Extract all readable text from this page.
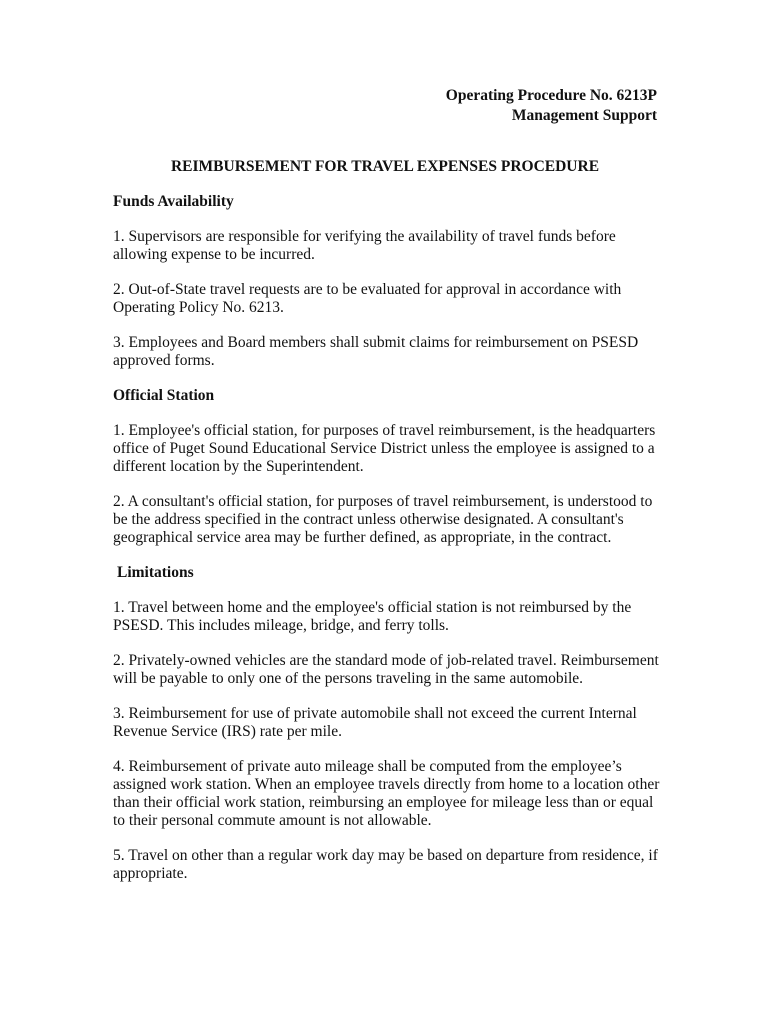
Operating Procedure No. 6213P
Management Support
REIMBURSEMENT FOR TRAVEL EXPENSES PROCEDURE
Funds Availability

1. Supervisors are responsible for verifying the availability of travel funds before allowing expense to be incurred.

2. Out-of-State travel requests are to be evaluated for approval in accordance with Operating Policy No. 6213.

3. Employees and Board members shall submit claims for reimbursement on PSESD approved forms.

Official Station

1. Employee's official station, for purposes of travel reimbursement, is the headquarters office of Puget Sound Educational Service District unless the employee is assigned to a different location by the Superintendent.

2. A consultant's official station, for purposes of travel reimbursement, is understood to be the address specified in the contract unless otherwise designated. A consultant's geographical service area may be further defined, as appropriate, in the contract.

Limitations

1. Travel between home and the employee's official station is not reimbursed by the PSESD. This includes mileage, bridge, and ferry tolls.

2. Privately-owned vehicles are the standard mode of job-related travel. Reimbursement will be payable to only one of the persons traveling in the same automobile.

3. Reimbursement for use of private automobile shall not exceed the current Internal Revenue Service (IRS) rate per mile.

4. Reimbursement of private auto mileage shall be computed from the employee’s assigned work station. When an employee travels directly from home to a location other than their official work station, reimbursing an employee for mileage less than or equal to their personal commute amount is not allowable.

5. Travel on other than a regular work day may be based on departure from residence, if appropriate.
